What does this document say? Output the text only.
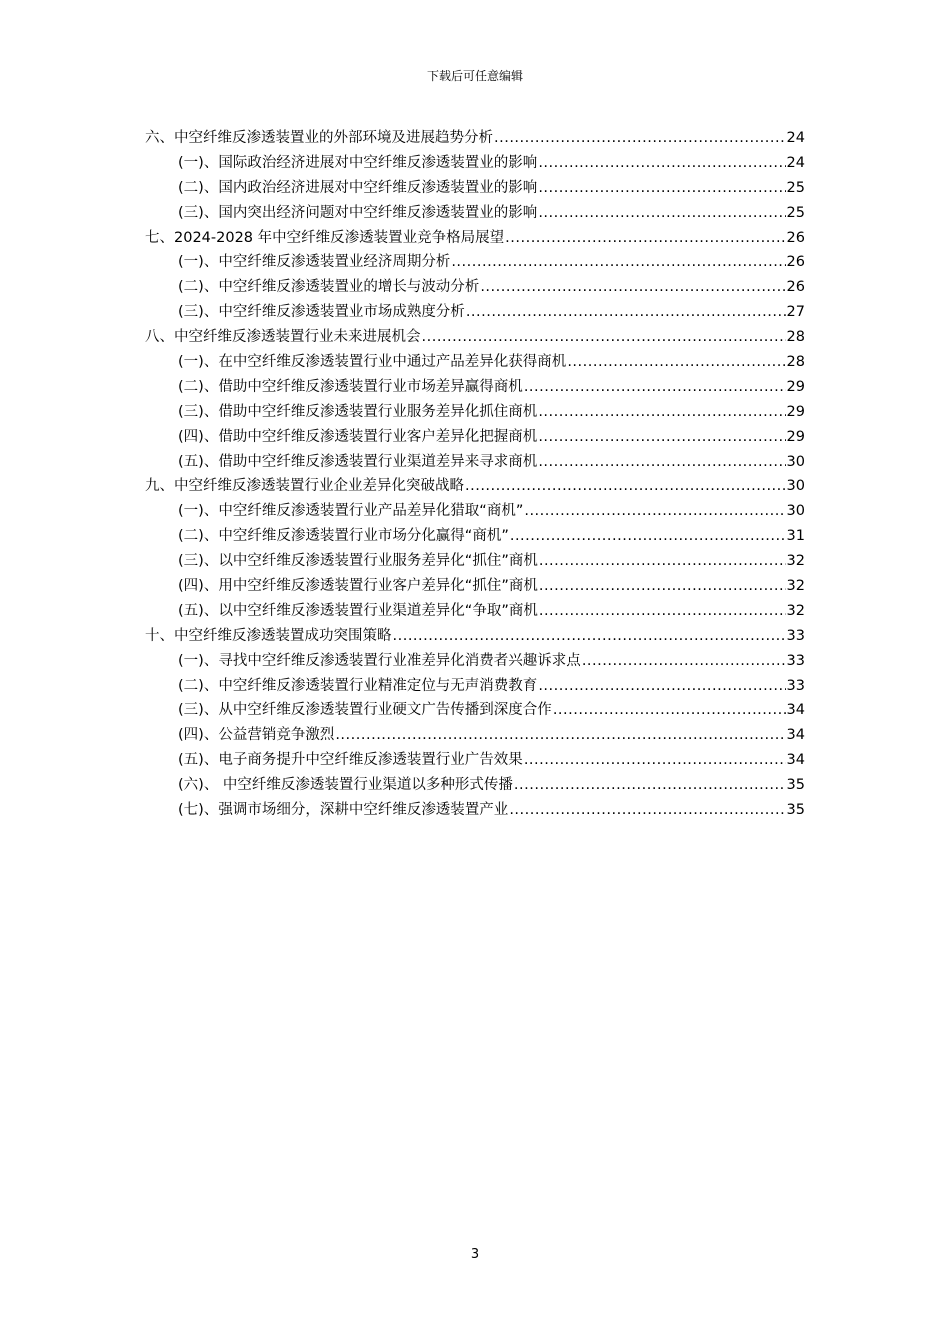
下载后可任意编辑
六、中空纤维反渗透装置业的外部环境及进展趋势分析 .....	24
(一)、国际政治经济进展对中空纤维反渗透装置业的影响 .....	24
(二)、国内政治经济进展对中空纤维反渗透装置业的影响 .....	25
(三)、国内突出经济问题对中空纤维反渗透装置业的影响 .....	25
七、2024-2028 年中空纤维反渗透装置业竞争格局展望 .....	26
(一)、中空纤维反渗透装置业经济周期分析 .....	26
(二)、中空纤维反渗透装置业的增长与波动分析 .....	26
(三)、中空纤维反渗透装置业市场成熟度分析 .....	27
八、中空纤维反渗透装置行业未来进展机会 .....	28
(一)、在中空纤维反渗透装置行业中通过产品差异化获得商机 .....	28
(二)、借助中空纤维反渗透装置行业市场差异赢得商机 .....	29
(三)、借助中空纤维反渗透装置行业服务差异化抓住商机 .....	29
(四)、借助中空纤维反渗透装置行业客户差异化把握商机 .....	29
(五)、借助中空纤维反渗透装置行业渠道差异来寻求商机 .....	30
九、中空纤维反渗透装置行业企业差异化突破战略 .....	30
(一)、中空纤维反渗透装置行业产品差异化猎取“商机” .....	30
(二)、中空纤维反渗透装置行业市场分化赢得“商机” .....	31
(三)、以中空纤维反渗透装置行业服务差异化“抓住”商机 .....	32
(四)、用中空纤维反渗透装置行业客户差异化“抓住”商机 .....	32
(五)、以中空纤维反渗透装置行业渠道差异化“争取”商机 .....	32
十、中空纤维反渗透装置成功突围策略 .....	33
(一)、寻找中空纤维反渗透装置行业准差异化消费者兴趣诉求点 .....	33
(二)、中空纤维反渗透装置行业精准定位与无声消费教育 .....	33
(三)、从中空纤维反渗透装置行业硬文广告传播到深度合作 .....	34
(四)、公益营销竞争激烈 .....	34
(五)、电子商务提升中空纤维反渗透装置行业广告效果 .....	34
(六)、 中空纤维反渗透装置行业渠道以多种形式传播 .....	35
(七)、强调市场细分，深耕中空纤维反渗透装置产业 .....	35
3
